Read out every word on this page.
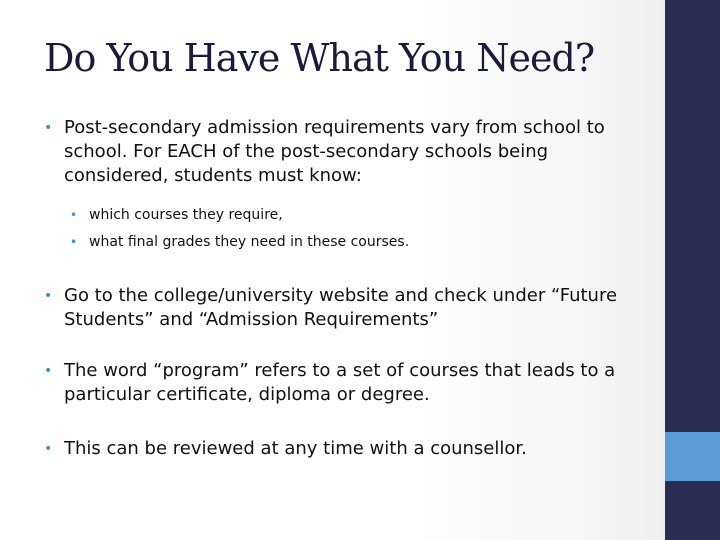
Do You Have What You Need?
• Post-secondary admission requirements vary from school to school. For EACH of the post-secondary schools being considered, students must know:
• which courses they require,
• what final grades they need in these courses.
• Go to the college/university website and check under “Future Students” and “Admission Requirements”
• The word “program” refers to a set of courses that leads to a particular certificate, diploma or degree.
• This can be reviewed at any time with a counsellor.
